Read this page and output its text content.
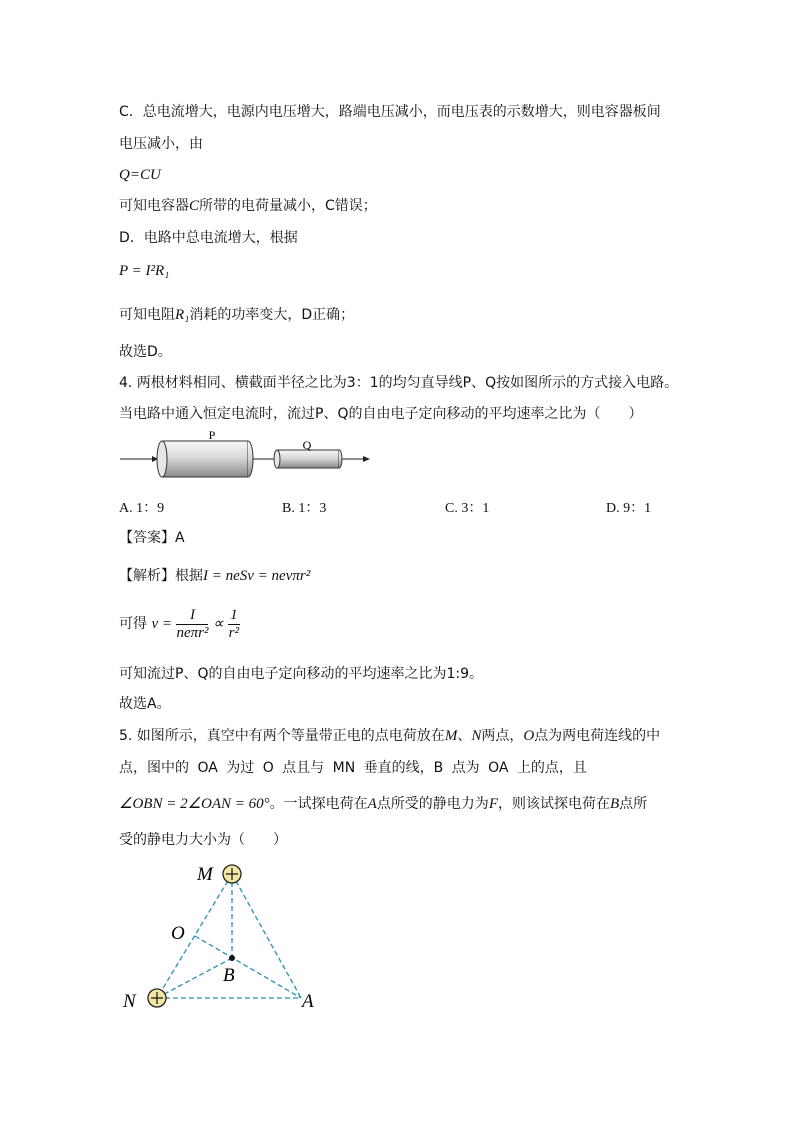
C．总电流增大，电源内电压增大，路端电压减小，而电压表的示数增大，则电容器板间
电压减小，由
Q=CU
可知电容器C所带的电荷量减小，C错误；
D．电路中总电流增大，根据
P = I²R₁
可知电阻R₁消耗的功率变大，D正确；
故选D。
4. 两根材料相同、横截面半径之比为3：1的均匀直导线P、Q按如图所示的方式接入电路。
当电路中通入恒定电流时，流过P、Q的自由电子定向移动的平均速率之比为（　　）
P
Q
A. 1：9	B. 1：3	C. 3：1	D. 9：1
【答案】A
【解析】根据I = neSv = nevπr²
可得 $v = \frac{I}{\text{neπr²}} \propto \frac{1}{\text{r²}}$
可知流过P、Q的自由电子定向移动的平均速率之比为1:9。
故选A。
5. 如图所示，真空中有两个等量带正电的点电荷放在M、N两点，O点为两电荷连线的中
点，图中的 OA 为过 O 点且与 MN 垂直的线，B 点为 OA 上的点，且
∠OBN = 2∠OAN = 60°。一试探电荷在A点所受的静电力为F，则该试探电荷在B点所
受的静电力大小为（　　）
M
N
O
A
B
